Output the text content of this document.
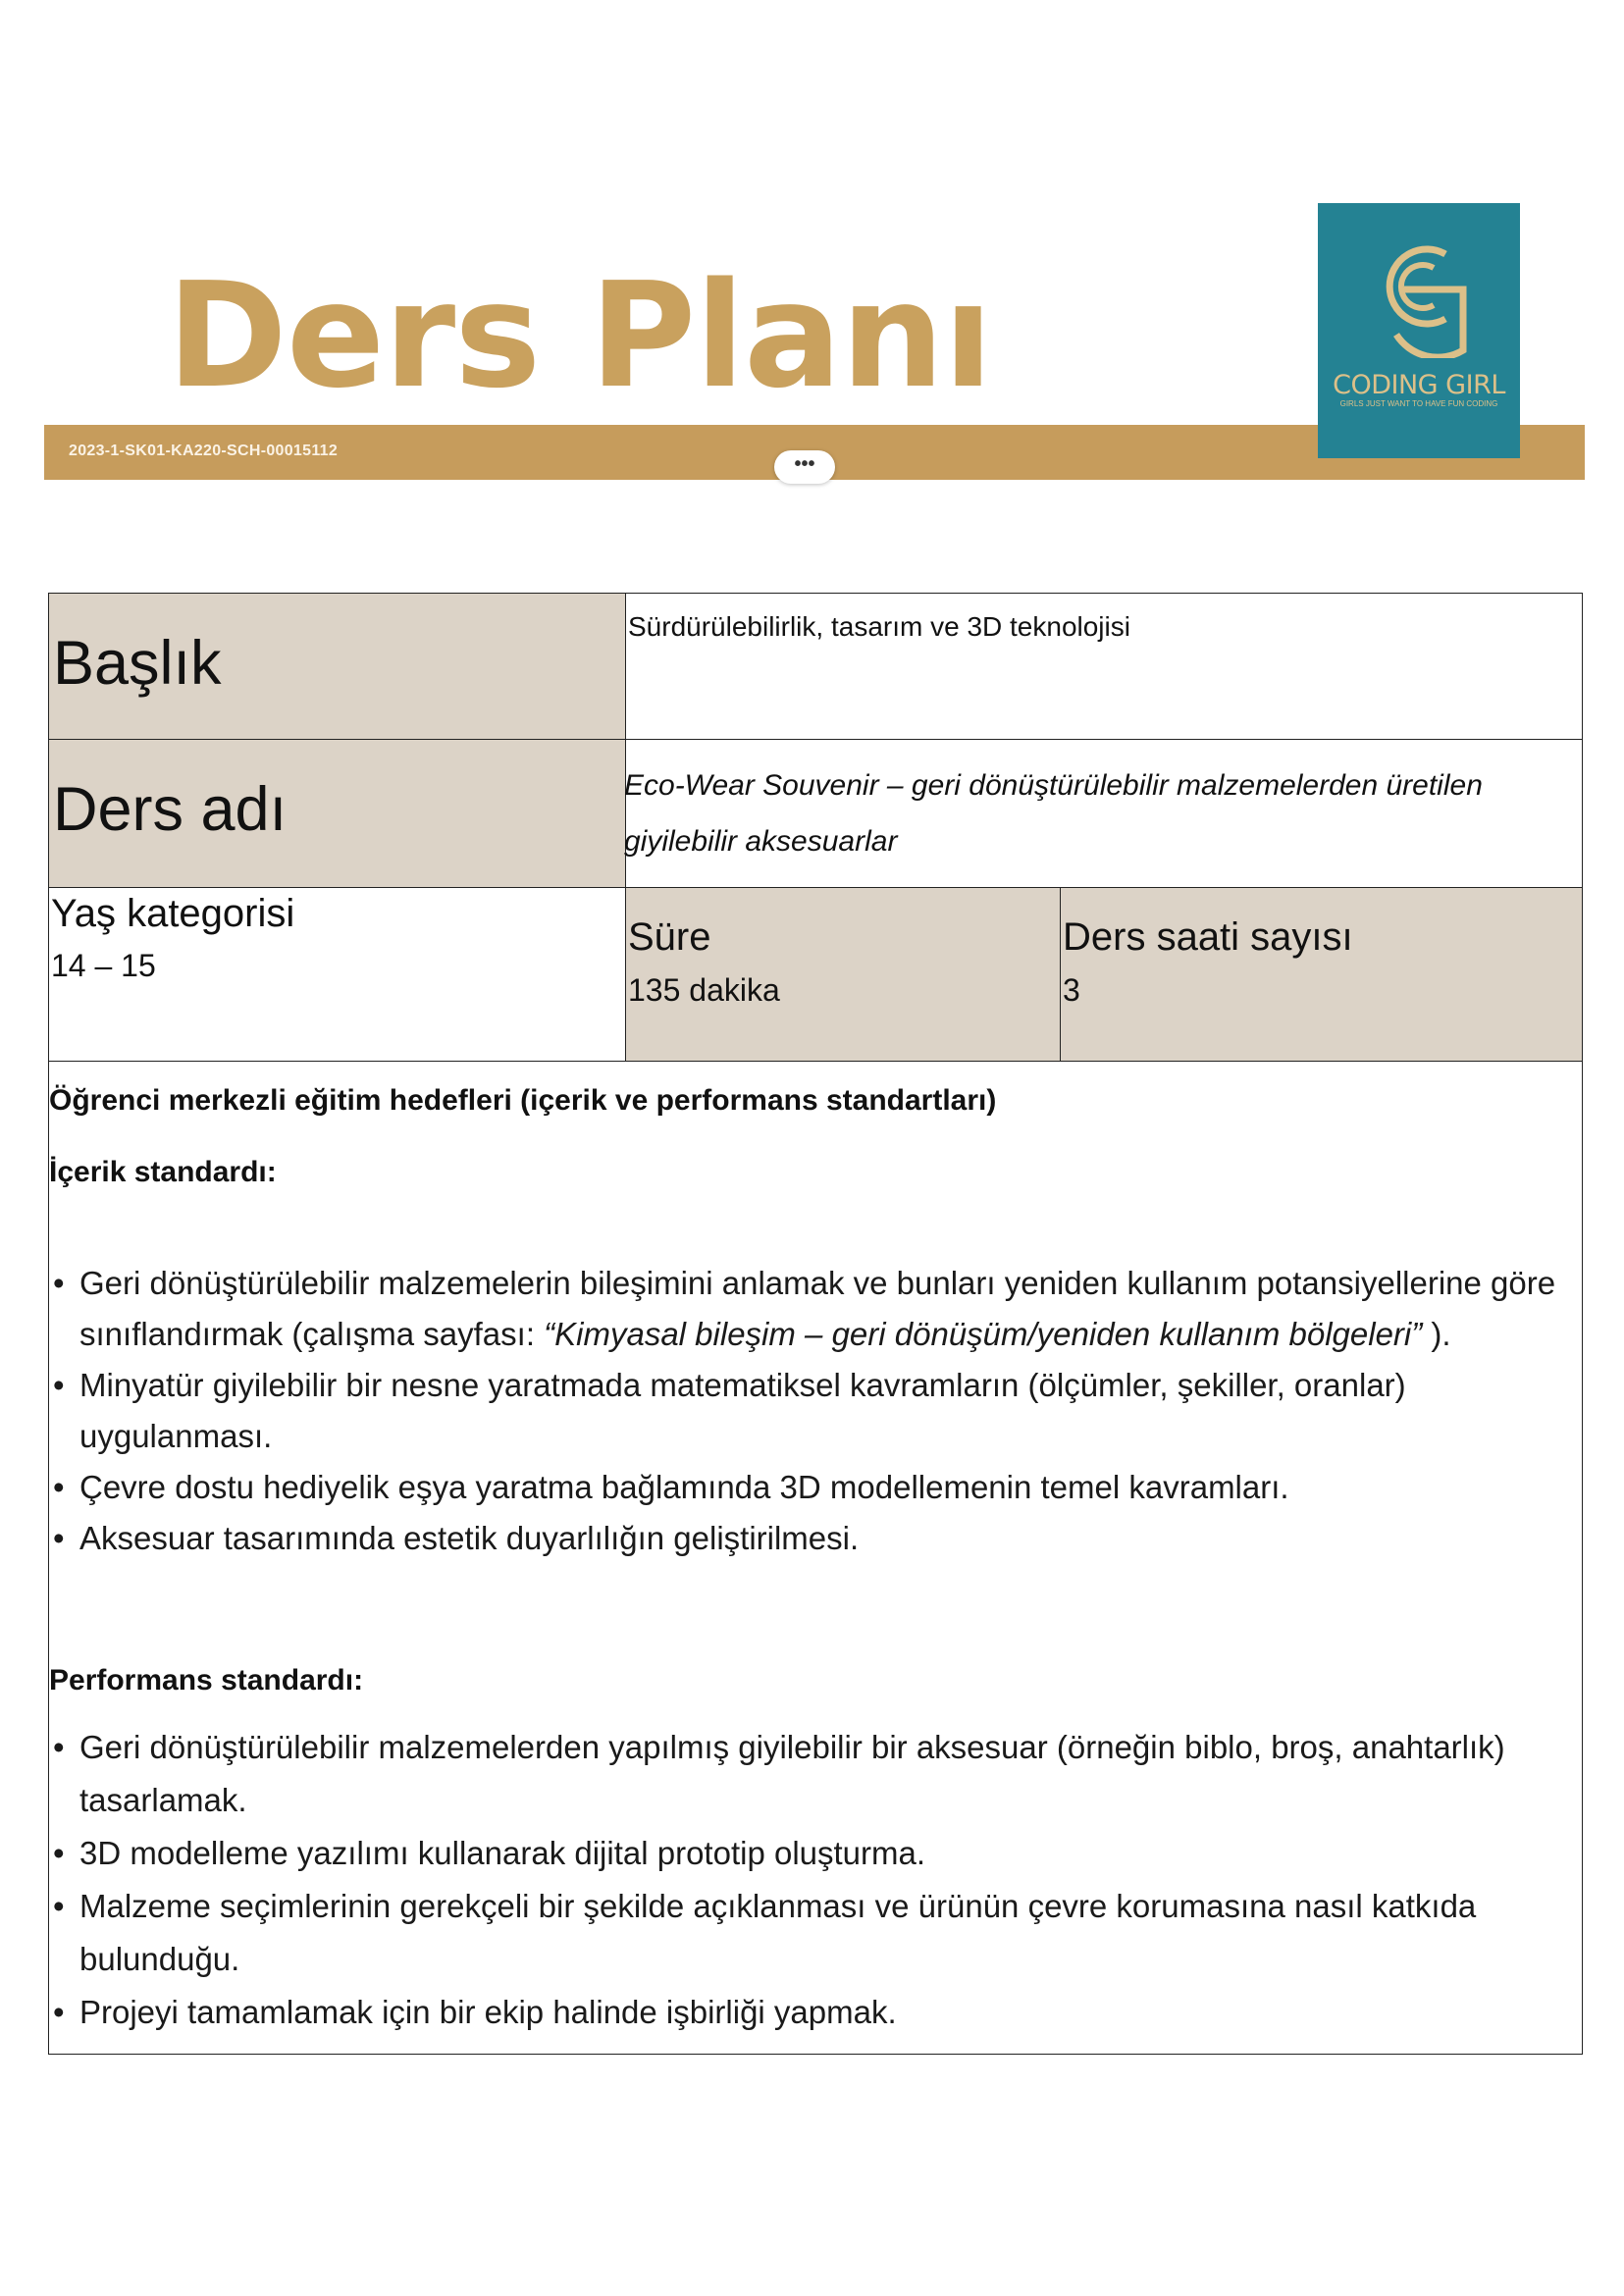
Ders Planı
2023-1-SK01-KA220-SCH-00015112
•••
CODING GIRL
GIRLS JUST WANT TO HAVE FUN CODING
Başlık
Sürdürülebilirlik, tasarım ve 3D teknolojisi
Ders adı	Eco-Wear Souvenir – geri dönüştürülebilir malzemelerden üretilen giyilebilir aksesuarlar
Yaş kategorisi
14 – 15
Süre
135 dakika
Ders saati sayısı
3
Öğrenci merkezli eğitim hedefleri (içerik ve performans standartları)
İçerik standardı:
• Geri dönüştürülebilir malzemelerin bileşimini anlamak ve bunları yeniden kullanım potansiyellerine göre sınıflandırmak (çalışma sayfası: “Kimyasal bileşim – geri dönüşüm/yeniden kullanım bölgeleri” ).
• Minyatür giyilebilir bir nesne yaratmada matematiksel kavramların (ölçümler, şekiller, oranlar) uygulanması.
• Çevre dostu hediyelik eşya yaratma bağlamında 3D modellemenin temel kavramları.
• Aksesuar tasarımında estetik duyarlılığın geliştirilmesi.
Performans standardı:
• Geri dönüştürülebilir malzemelerden yapılmış giyilebilir bir aksesuar (örneğin biblo, broş, anahtarlık) tasarlamak.
• 3D modelleme yazılımı kullanarak dijital prototip oluşturma.
• Malzeme seçimlerinin gerekçeli bir şekilde açıklanması ve ürünün çevre korumasına nasıl katkıda bulunduğu.
• Projeyi tamamlamak için bir ekip halinde işbirliği yapmak.
